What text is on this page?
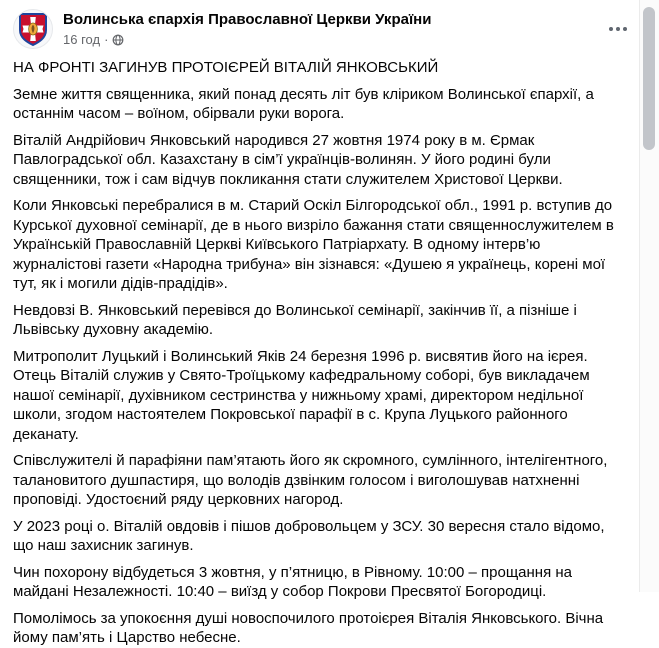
Волинська єпархія Православної Церкви України
16 год ·

НА ФРОНТІ ЗАГИНУВ ПРОТОІЄРЕЙ ВІТАЛІЙ ЯНКОВСЬКИЙ

Земне життя священника, який понад десять літ був кліриком Волинської єпархії, а останнім часом – воїном, обірвали руки ворога.

Віталій Андрійович Янковський народився 27 жовтня 1974 року в м. Єрмак Павлоградської обл. Казахстану в сім’ї українців-волинян. У його родині були священники, тож і сам відчув покликання стати служителем Христової Церкви.

Коли Янковські перебралися в м. Старий Оскіл Білгородської обл., 1991 р. вступив до Курської духовної семінарії, де в нього визріло бажання стати священнослужителем в Українській Православній Церкві Київського Патріархату. В одному інтерв’ю журналістові газети «Народна трибуна» він зізнався: «Душею я українець, корені мої тут, як і могили дідів-прадідів».

Невдовзі В. Янковський перевівся до Волинської семінарії, закінчив її, а пізніше і Львівську духовну академію.

Митрополит Луцький і Волинський Яків 24 березня 1996 р. висвятив його на ієрея. Отець Віталій служив у Свято-Троїцькому кафедральному соборі, був викладачем нашої семінарії, духівником сестринства у нижньому храмі, директором недільної школи, згодом настоятелем Покровської парафії в с. Крупа Луцького районного деканату.

Співслужителі й парафіяни пам’ятають його як скромного, сумлінного, інтелігентного, талановитого душпастиря, що володів дзвінким голосом і виголошував натхненні проповіді. Удостоєний ряду церковних нагород.

У 2023 році о. Віталій овдовів і пішов добровольцем у ЗСУ. 30 вересня стало відомо, що наш захисник загинув.

Чин похорону відбудеться 3 жовтня, у п’ятницю, в Рівному. 10:00 – прощання на майдані Незалежності. 10:40 – виїзд у собор Покрови Пресвятої Богородиці.

Помолімось за упокоєння душі новоспочилого протоієрея Віталія Янковського. Вічна йому пам’ять і Царство небесне.
